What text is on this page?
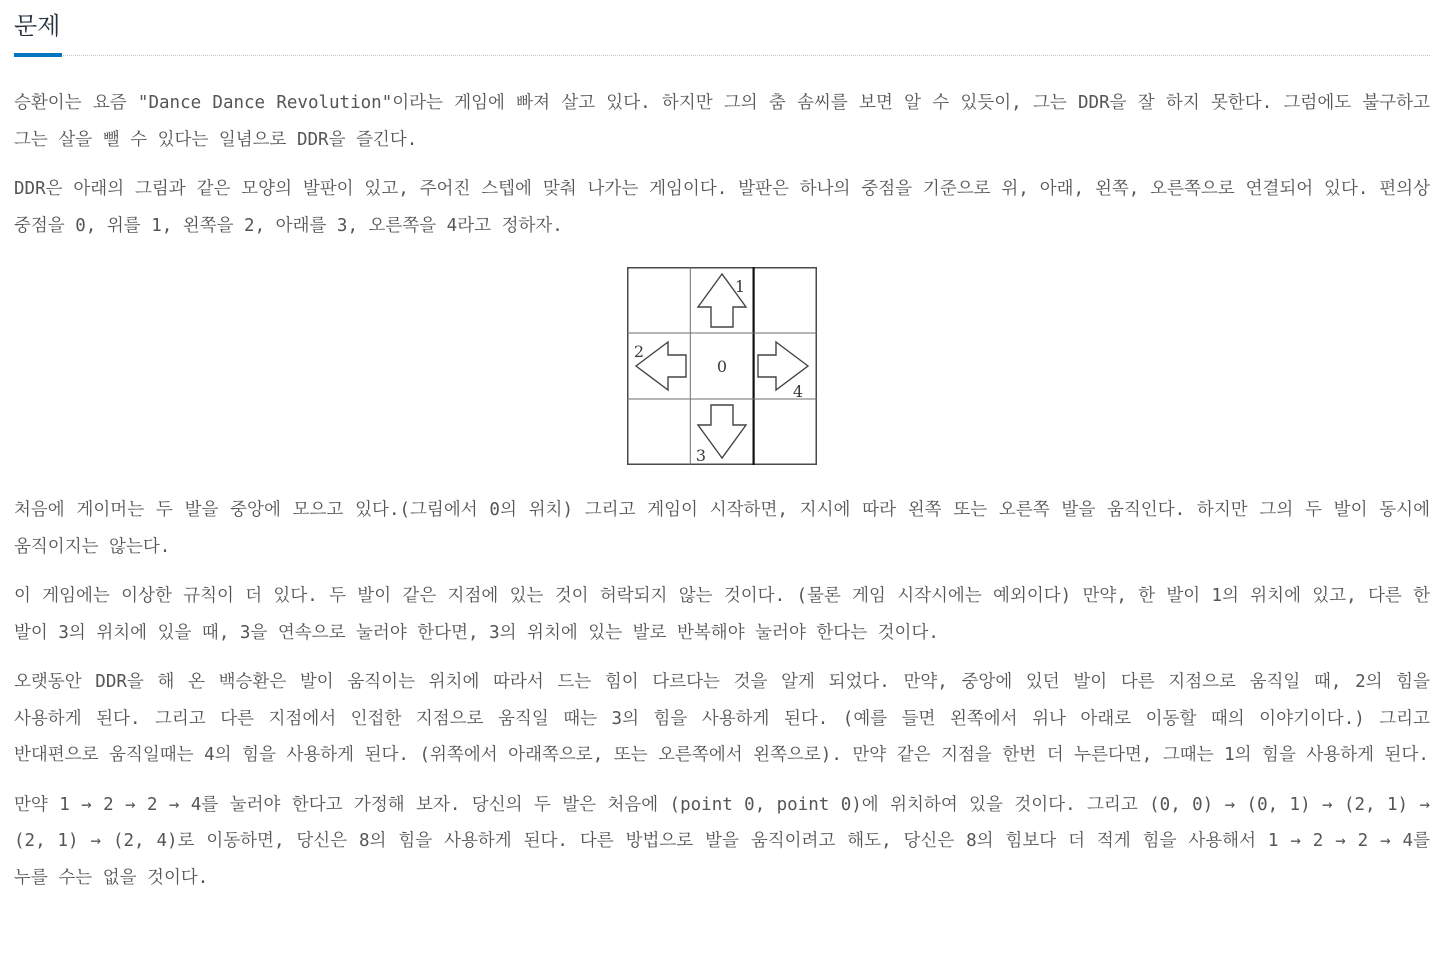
문제

승환이는 요즘 "Dance Dance Revolution"이라는 게임에 빠져 살고 있다. 하지만 그의 춤 솜씨를 보면 알 수 있듯이, 그는 DDR을 잘 하지 못한다. 그럼에도 불구하고 그는 살을 뺄 수 있다는 일념으로 DDR을 즐긴다.

DDR은 아래의 그림과 같은 모양의 발판이 있고, 주어진 스텝에 맞춰 나가는 게임이다. 발판은 하나의 중점을 기준으로 위, 아래, 왼쪽, 오른쪽으로 연결되어 있다. 편의상 중점을 0, 위를 1, 왼쪽을 2, 아래를 3, 오른쪽을 4라고 정하자.

1
2
0
4
3

처음에 게이머는 두 발을 중앙에 모으고 있다.(그림에서 0의 위치) 그리고 게임이 시작하면, 지시에 따라 왼쪽 또는 오른쪽 발을 움직인다. 하지만 그의 두 발이 동시에 움직이지는 않는다.

이 게임에는 이상한 규칙이 더 있다. 두 발이 같은 지점에 있는 것이 허락되지 않는 것이다. (물론 게임 시작시에는 예외이다) 만약, 한 발이 1의 위치에 있고, 다른 한 발이 3의 위치에 있을 때, 3을 연속으로 눌러야 한다면, 3의 위치에 있는 발로 반복해야 눌러야 한다는 것이다.

오랫동안 DDR을 해 온 백승환은 발이 움직이는 위치에 따라서 드는 힘이 다르다는 것을 알게 되었다. 만약, 중앙에 있던 발이 다른 지점으로 움직일 때, 2의 힘을 사용하게 된다. 그리고 다른 지점에서 인접한 지점으로 움직일 때는 3의 힘을 사용하게 된다. (예를 들면 왼쪽에서 위나 아래로 이동할 때의 이야기이다.) 그리고 반대편으로 움직일때는 4의 힘을 사용하게 된다. (위쪽에서 아래쪽으로, 또는 오른쪽에서 왼쪽으로). 만약 같은 지점을 한번 더 누른다면, 그때는 1의 힘을 사용하게 된다.

만약 1 → 2 → 2 → 4를 눌러야 한다고 가정해 보자. 당신의 두 발은 처음에 (point 0, point 0)에 위치하여 있을 것이다. 그리고 (0, 0) → (0, 1) → (2, 1) → (2, 1) → (2, 4)로 이동하면, 당신은 8의 힘을 사용하게 된다. 다른 방법으로 발을 움직이려고 해도, 당신은 8의 힘보다 더 적게 힘을 사용해서 1 → 2 → 2 → 4를 누를 수는 없을 것이다.
